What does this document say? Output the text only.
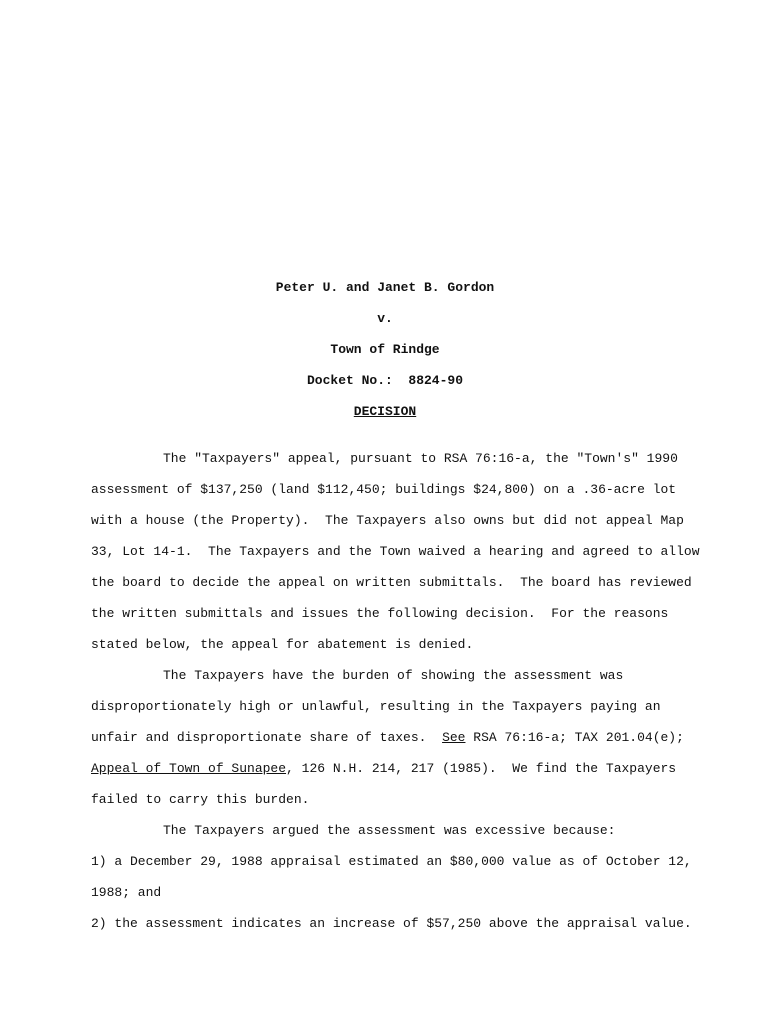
Peter U. and Janet B. Gordon
v.
Town of Rindge
Docket No.:  8824-90
DECISION
The "Taxpayers" appeal, pursuant to RSA 76:16-a, the "Town's" 1990
assessment of $137,250 (land $112,450; buildings $24,800) on a .36-acre lot
with a house (the Property).  The Taxpayers also owns but did not appeal Map
33, Lot 14-1.  The Taxpayers and the Town waived a hearing and agreed to allow
the board to decide the appeal on written submittals.  The board has reviewed
the written submittals and issues the following decision.  For the reasons
stated below, the appeal for abatement is denied.
The Taxpayers have the burden of showing the assessment was
disproportionately high or unlawful, resulting in the Taxpayers paying an
unfair and disproportionate share of taxes.  See RSA 76:16-a; TAX 201.04(e);
Appeal of Town of Sunapee, 126 N.H. 214, 217 (1985).  We find the Taxpayers
failed to carry this burden.
The Taxpayers argued the assessment was excessive because:
1) a December 29, 1988 appraisal estimated an $80,000 value as of October 12,
1988; and
2) the assessment indicates an increase of $57,250 above the appraisal value.
